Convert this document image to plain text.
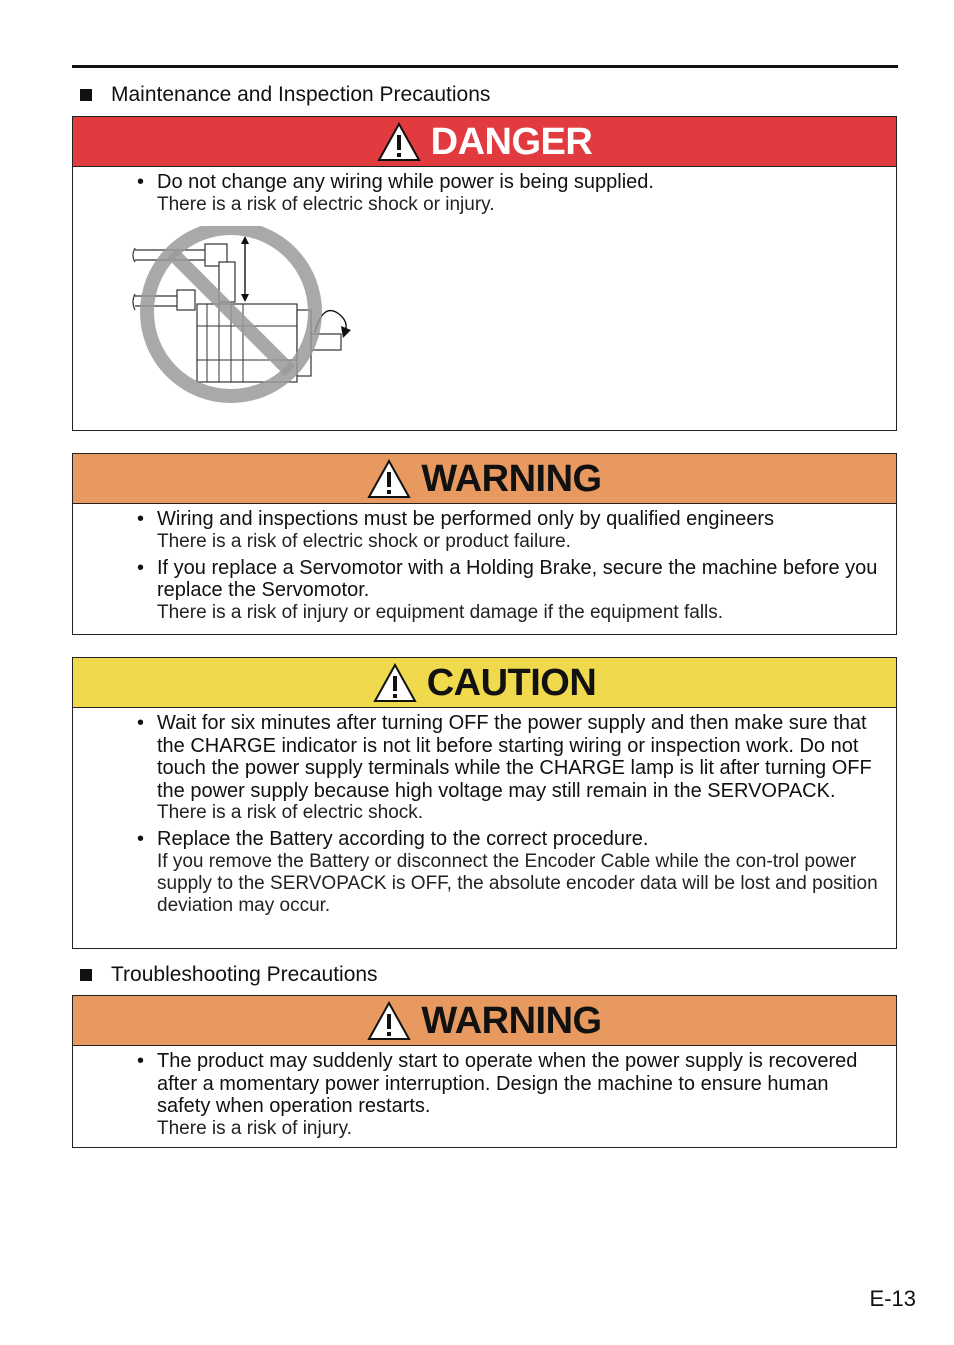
Maintenance and Inspection Precautions
DANGER
• Do not change any wiring while power is being supplied.
There is a risk of electric shock or injury.
WARNING
• Wiring and inspections must be performed only by qualified engineers
There is a risk of electric shock or product failure.
• If you replace a Servomotor with a Holding Brake, secure the machine before you replace the Servomotor.
There is a risk of injury or equipment damage if the equipment falls.
CAUTION
• Wait for six minutes after turning OFF the power supply and then make sure that the CHARGE indicator is not lit before starting wiring or inspection work. Do not touch the power supply terminals while the CHARGE lamp is lit after turning OFF the power supply because high voltage may still remain in the SERVOPACK.
There is a risk of electric shock.
• Replace the Battery according to the correct procedure.
If you remove the Battery or disconnect the Encoder Cable while the con-trol power supply to the SERVOPACK is OFF, the absolute encoder data will be lost and position deviation may occur.
Troubleshooting Precautions
WARNING
• The product may suddenly start to operate when the power supply is recovered after a momentary power interruption. Design the machine to ensure human safety when operation restarts.
There is a risk of injury.
E-13
